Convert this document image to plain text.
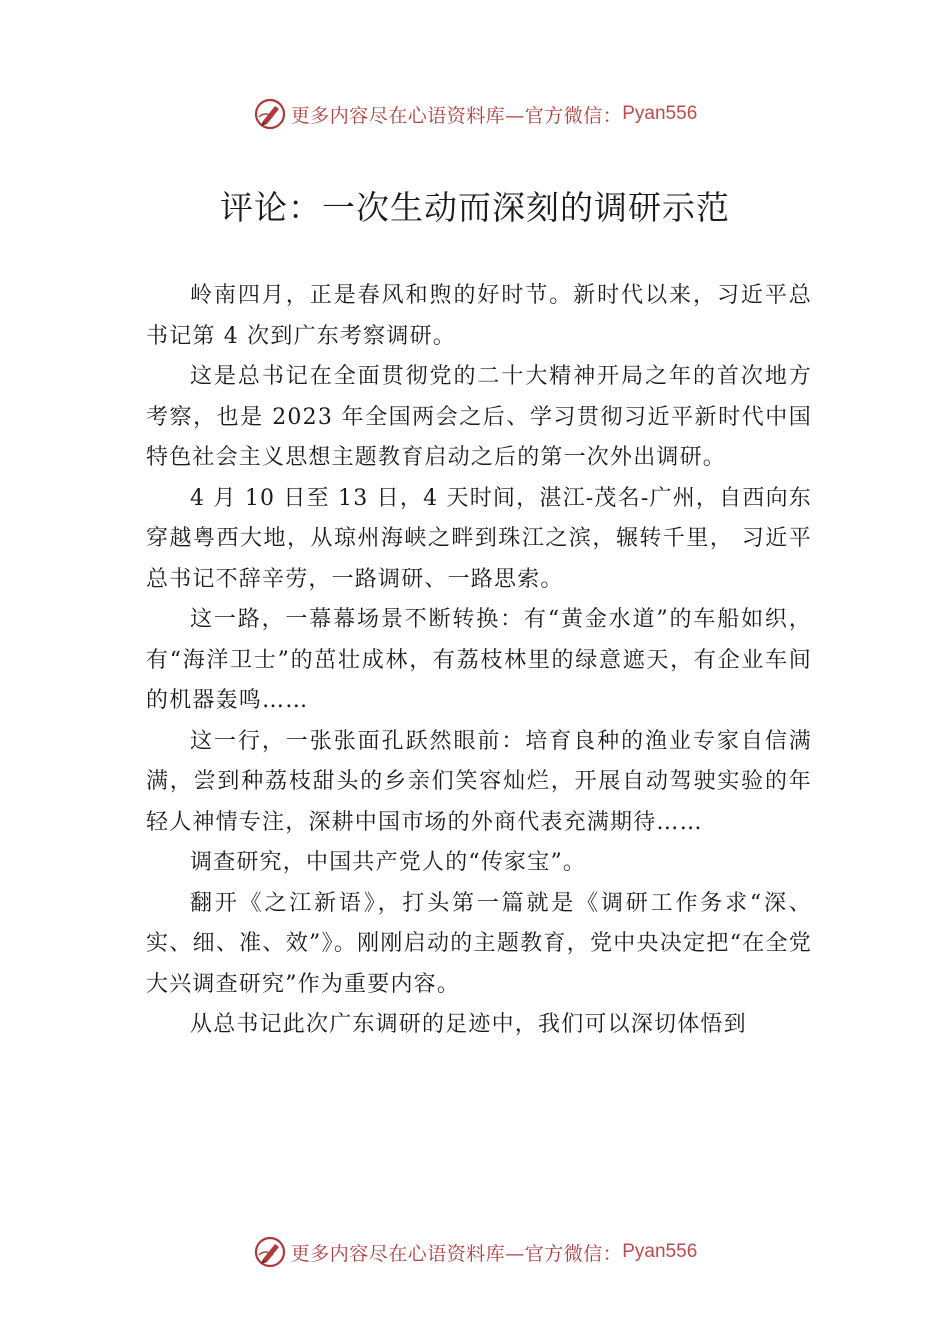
更多内容尽在心语资料库—官方微信： Pyan556
评论：一次生动而深刻的调研示范

岭南四月，正是春风和煦的好时节。新时代以来，习近平总书记第 4 次到广东考察调研。

这是总书记在全面贯彻党的二十大精神开局之年的首次地方考察，也是 2023 年全国两会之后、学习贯彻习近平新时代中国特色社会主义思想主题教育启动之后的第一次外出调研。

4 月 10 日至 13 日，4 天时间，湛江-茂名-广州，自西向东穿越粤西大地，从琼州海峡之畔到珠江之滨，辗转千里， 习近平总书记不辞辛劳，一路调研、一路思索。

这一路，一幕幕场景不断转换：有“黄金水道”的车船如织，有“海洋卫士”的茁壮成林，有荔枝林里的绿意遮天，有企业车间的机器轰鸣……

这一行，一张张面孔跃然眼前：培育良种的渔业专家自信满满，尝到种荔枝甜头的乡亲们笑容灿烂，开展自动驾驶实验的年轻人神情专注，深耕中国市场的外商代表充满期待……

调查研究，中国共产党人的“传家宝”。

翻开《之江新语》，打头第一篇就是《调研工作务求“深、实、细、准、效”》。刚刚启动的主题教育，党中央决定把“在全党大兴调查研究”作为重要内容。

从总书记此次广东调研的足迹中，我们可以深切体悟到

更多内容尽在心语资料库—官方微信： Pyan556
